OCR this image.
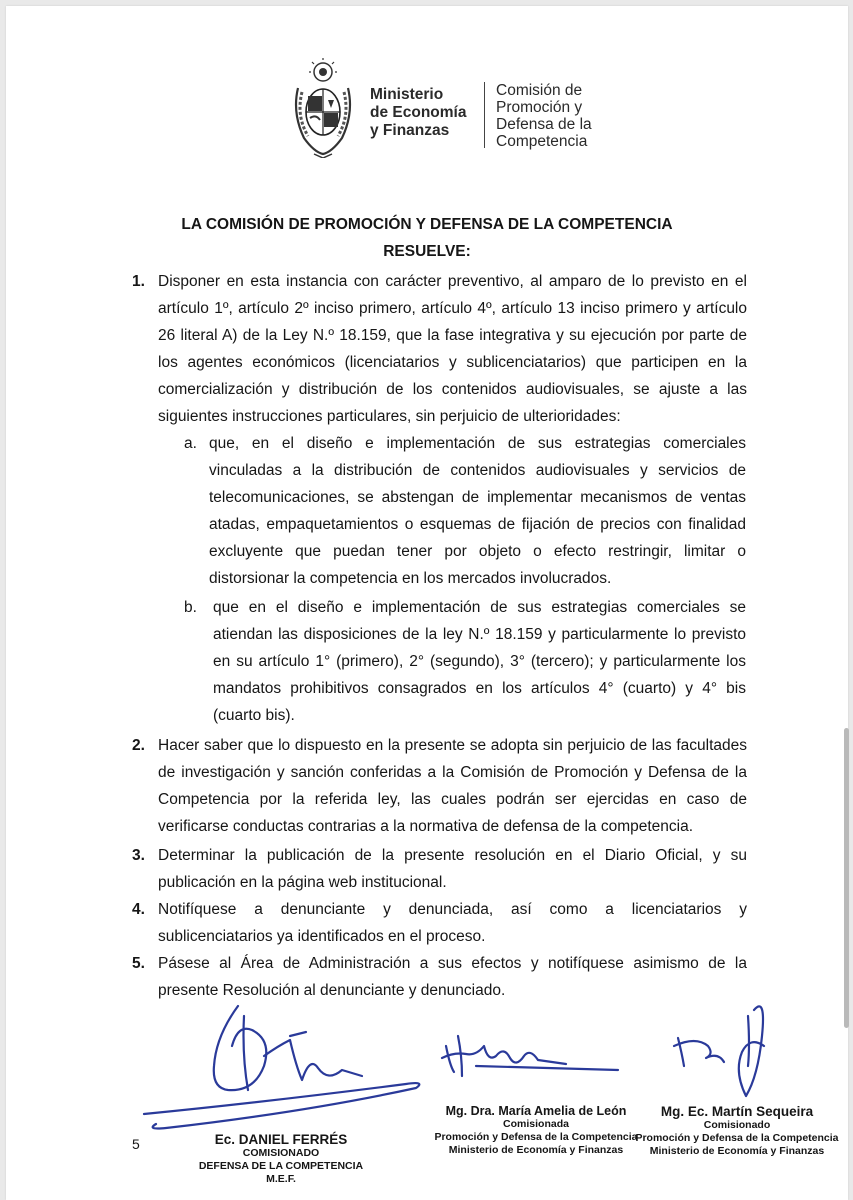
Ministerio
de Economía
y Finanzas
Comisión de
Promoción y
Defensa de la
Competencia
LA COMISIÓN DE PROMOCIÓN Y DEFENSA DE LA COMPETENCIA
RESUELVE:
1. Disponer en esta instancia con carácter preventivo, al amparo de lo previsto en el
artículo 1º, artículo 2º inciso primero, artículo 4º, artículo 13 inciso primero y artículo
26 literal A) de la Ley N.º 18.159, que la fase integrativa y su ejecución por parte de
los agentes económicos (licenciatarios y sublicenciatarios) que participen en la
comercialización y distribución de los contenidos audiovisuales, se ajuste a las
siguientes instrucciones particulares, sin perjuicio de ulterioridades:
a. que, en el diseño e implementación de sus estrategias comerciales
vinculadas a la distribución de contenidos audiovisuales y servicios de
telecomunicaciones, se abstengan de implementar mecanismos de ventas
atadas, empaquetamientos o esquemas de fijación de precios con finalidad
excluyente que puedan tener por objeto o efecto restringir, limitar o
distorsionar la competencia en los mercados involucrados.
b. que en el diseño e implementación de sus estrategias comerciales se
atiendan las disposiciones de la ley N.º 18.159 y particularmente lo previsto
en su artículo 1° (primero), 2° (segundo), 3° (tercero); y particularmente los
mandatos prohibitivos consagrados en los artículos 4° (cuarto) y 4° bis
(cuarto bis).
2. Hacer saber que lo dispuesto en la presente se adopta sin perjuicio de las facultades
de investigación y sanción conferidas a la Comisión de Promoción y Defensa de la
Competencia por la referida ley, las cuales podrán ser ejercidas en caso de
verificarse conductas contrarias a la normativa de defensa de la competencia.
3. Determinar la publicación de la presente resolución en el Diario Oficial, y su
publicación en la página web institucional.
4. Notifíquese a denunciante y denunciada, así como a licenciatarios y
sublicenciatarios ya identificados en el proceso.
5. Pásese al Área de Administración a sus efectos y notifíquese asimismo de la
presente Resolución al denunciante y denunciado.
5	Ec. DANIEL FERRÉS
COMISIONADO
DEFENSA DE LA COMPETENCIA
M.E.F.
Mg. Dra. María Amelia de León
Comisionada
Promoción y Defensa de la Competencia
Ministerio de Economía y Finanzas
Mg. Ec. Martín Sequeira
Comisionado
Promoción y Defensa de la Competencia
Ministerio de Economía y Finanzas
